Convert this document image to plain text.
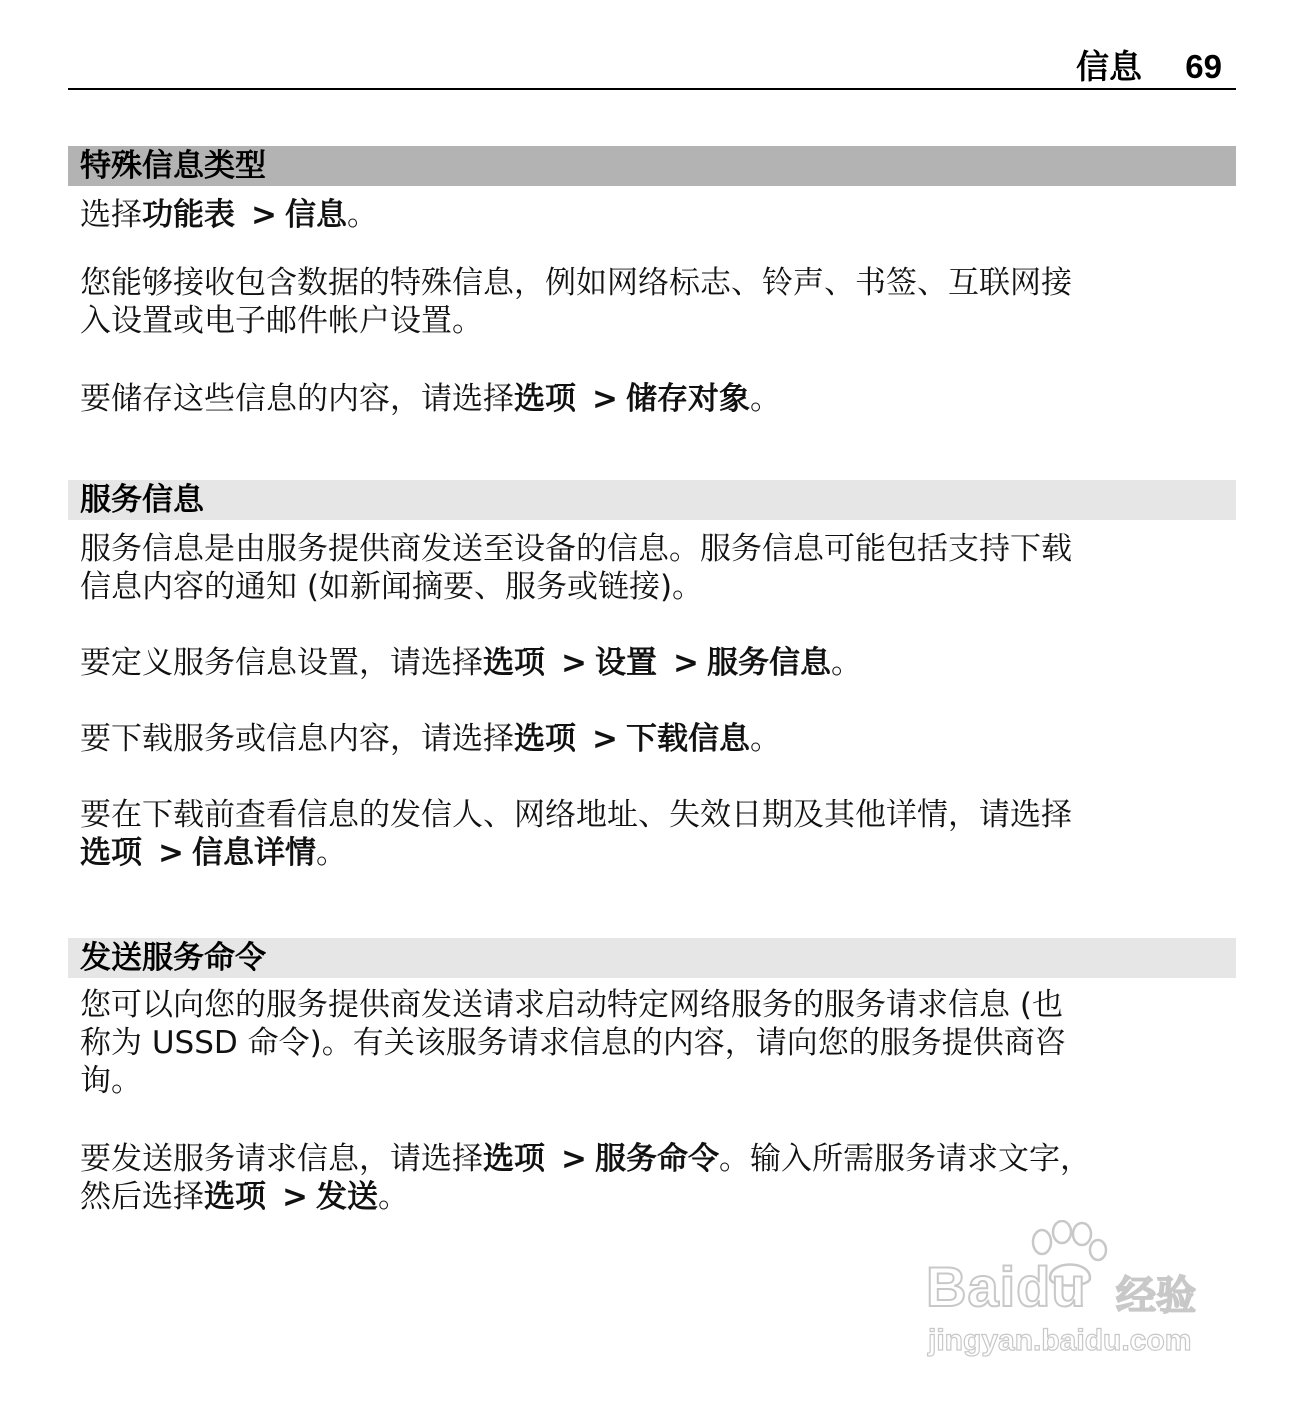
信息 69
特殊信息类型

选择功能表 > 信息。

您能够接收包含数据的特殊信息，例如网络标志、铃声、书签、互联网接
入设置或电子邮件帐户设置。

要储存这些信息的内容，请选择选项 > 储存对象。

服务信息

服务信息是由服务提供商发送至设备的信息。服务信息可能包括支持下载
信息内容的通知 (如新闻摘要、服务或链接)。

要定义服务信息设置，请选择选项 > 设置 > 服务信息。

要下载服务或信息内容，请选择选项 > 下载信息。

要在下载前查看信息的发信人、网络地址、失效日期及其他详情，请选择
选项 > 信息详情。

发送服务命令

您可以向您的服务提供商发送请求启动特定网络服务的服务请求信息 (也
称为 USSD 命令)。有关该服务请求信息的内容，请向您的服务提供商咨
询。

要发送服务请求信息，请选择选项 > 服务命令。输入所需服务请求文字，
然后选择选项 > 发送。

Baidu 经验
jingyan.baidu.com
